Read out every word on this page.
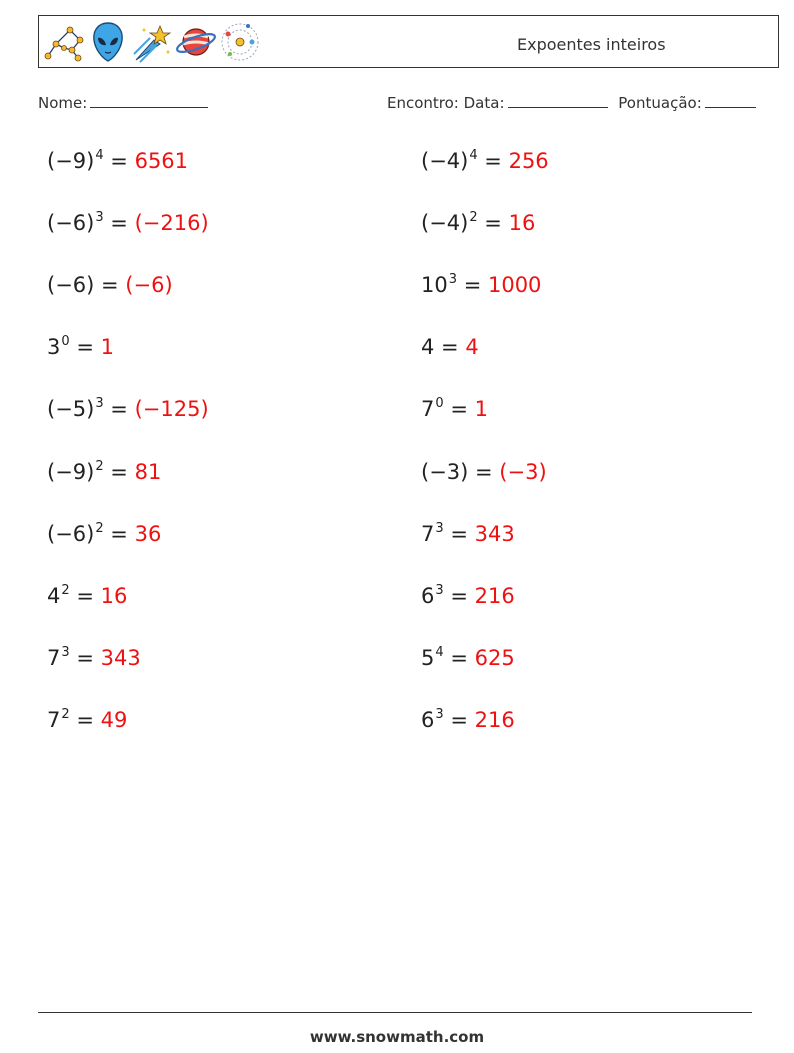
Expoentes inteiros
Nome:	Encontro: Data:	Pontuação:
$(-9)^4 = 6561$	$(-4)^4 = 256$
$(-6)^3 = (-216)$	$(-4)^2 = 16$
(−6) = (−6)	$10^3 = 1000$
$3^0 = 1$	4 = 4
$(-5)^3 = (-125)$	$7^0 = 1$
$(-9)^2 = 81$	(−3) = (−3)
$(-6)^2 = 36$	$7^3 = 343$
$4^2 = 16$	$6^3 = 216$
$7^3 = 343$	$5^4 = 625$
$7^2 = 49$	$6^3 = 216$
www.snowmath.com
